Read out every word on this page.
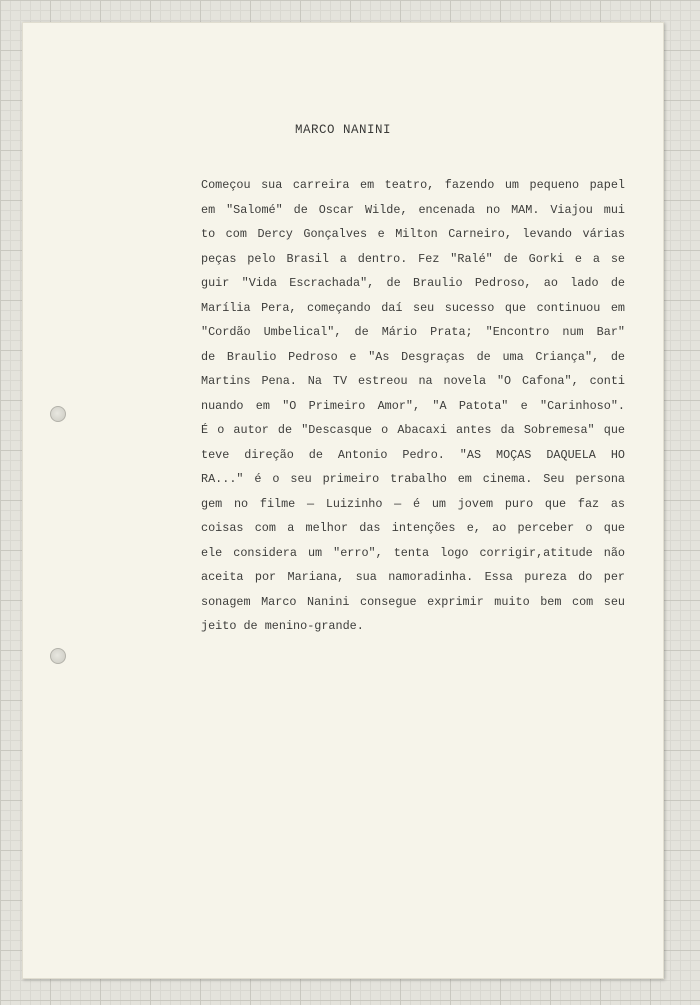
MARCO NANINI
Começou sua carreira em teatro, fazendo um pequeno papel
em "Salomé" de Oscar Wilde, encenada no MAM. Viajou mui
to com Dercy Gonçalves e Milton Carneiro, levando várias
peças pelo Brasil a dentro. Fez "Ralé" de Gorki e a se
guir "Vida Escrachada", de Braulio Pedroso, ao lado de
Marília Pera, começando daí seu sucesso que continuou em
"Cordão Umbelical", de Mário Prata; "Encontro num Bar"
de Braulio Pedroso e "As Desgraças de uma Criança", de
Martins Pena. Na TV estreou na novela "O Cafona", conti
nuando em "O Primeiro Amor", "A Patota" e "Carinhoso".
É o autor de "Descasque o Abacaxi antes da Sobremesa" que
teve direção de Antonio Pedro. "AS MOÇAS DAQUELA HO
RA..." é o seu primeiro trabalho em cinema. Seu persona
gem no filme — Luizinho — é um jovem puro que faz as
coisas com a melhor das intenções e, ao perceber o que
ele considera um "erro", tenta logo corrigir,atitude não
aceita por Mariana, sua namoradinha. Essa pureza do per
sonagem Marco Nanini consegue exprimir muito bem com seu
jeito de menino-grande.
